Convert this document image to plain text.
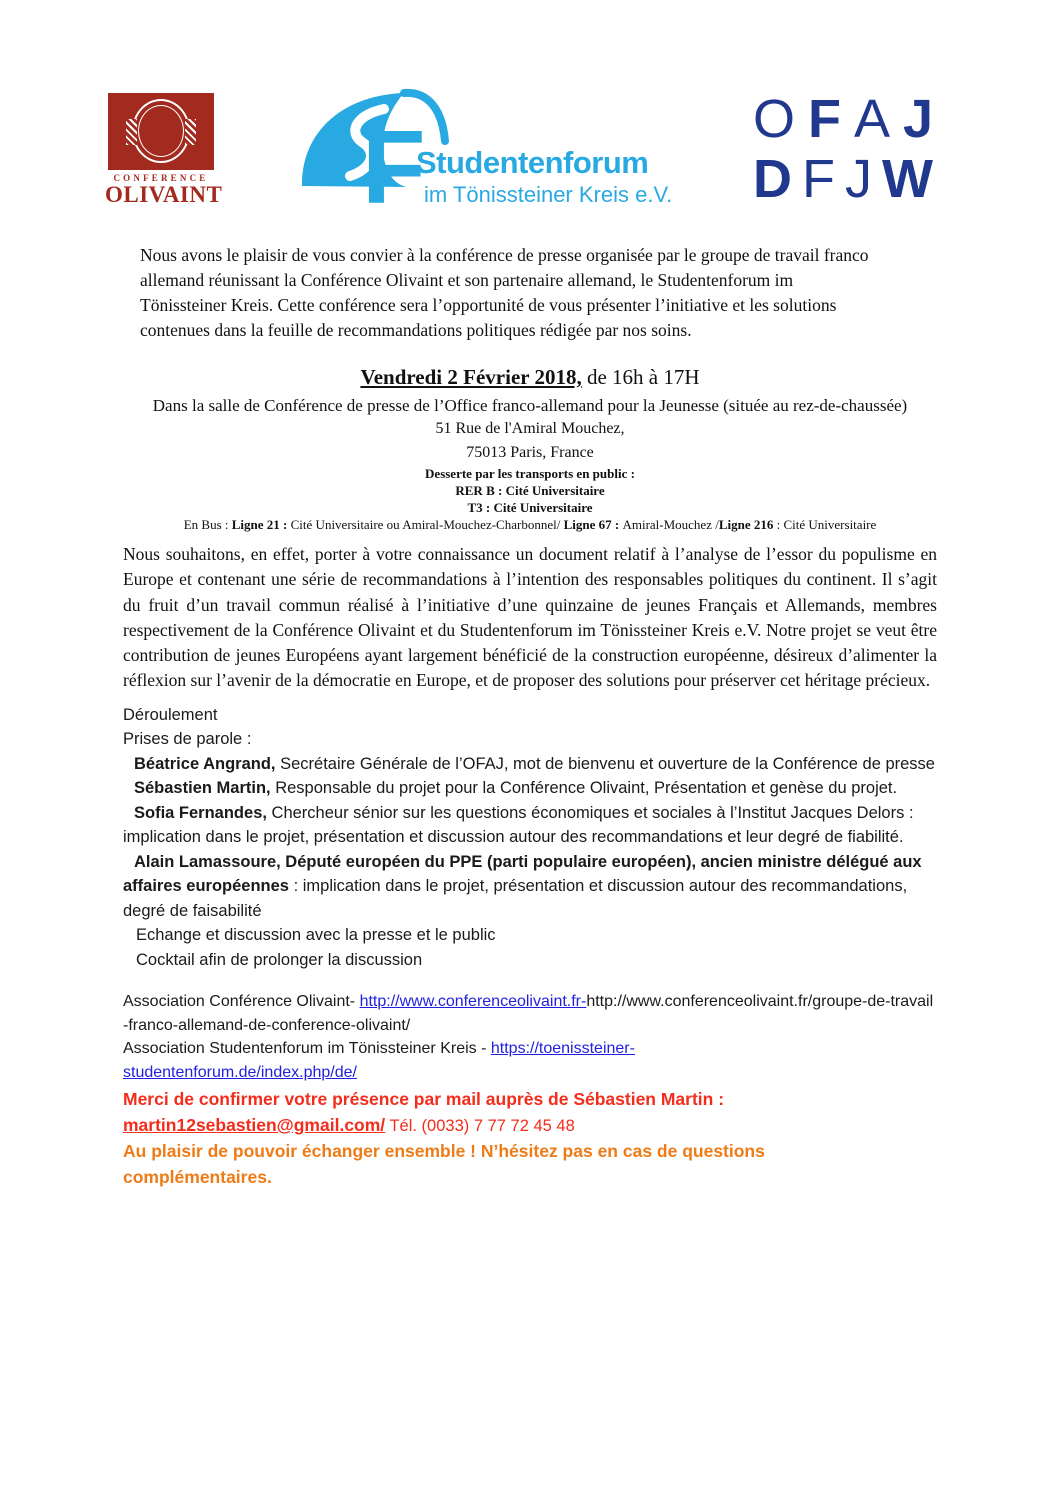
CONFERENCE
OLIVAINT F
Studentenforum
im Tönissteiner Kreis e.V.
O F A J
D F J W

Nous avons le plaisir de vous convier à la conférence de presse organisée par le groupe de travail franco allemand réunissant la Conférence Olivaint et son partenaire allemand, le Studentenforum im Tönissteiner Kreis. Cette conférence sera l’opportunité de vous présenter l’initiative et les solutions contenues dans la feuille de recommandations politiques rédigée par nos soins.

Vendredi 2 Février 2018, de 16h à 17H

Dans la salle de Conférence de presse de l’Office franco-allemand pour la Jeunesse (située au rez-de-chaussée)

51 Rue de l'Amiral Mouchez,

75013 Paris, France

Desserte par les transports en public :

RER B : Cité Universitaire

T3 : Cité Universitaire

En Bus : Ligne 21 : Cité Universitaire ou Amiral-Mouchez-Charbonnel/ Ligne 67 : Amiral-Mouchez /Ligne 216 : Cité Universitaire

Nous souhaitons, en effet, porter à votre connaissance un document relatif à l’analyse de l’essor du populisme en Europe et contenant une série de recommandations à l’intention des responsables politiques du continent. Il s’agit du fruit d’un travail commun réalisé à l’initiative d’une quinzaine de jeunes Français et Allemands, membres respectivement de la Conférence Olivaint et du Studentenforum im Tönissteiner Kreis e.V. Notre projet se veut être contribution de jeunes Européens ayant largement bénéficié de la construction européenne, désireux d’alimenter la réflexion sur l’avenir de la démocratie en Europe, et de proposer des solutions pour préserver cet héritage précieux.

Déroulement

Prises de parole :

Béatrice Angrand, Secrétaire Générale de l’OFAJ, mot de bienvenu et ouverture de la Conférence de presse

Sébastien Martin, Responsable du projet pour la Conférence Olivaint, Présentation et genèse du projet.

Sofia Fernandes, Chercheur sénior sur les questions économiques et sociales à l’Institut Jacques Delors : implication dans le projet, présentation et discussion autour des recommandations et leur degré de fiabilité.

Alain Lamassoure, Député européen du PPE (parti populaire européen), ancien ministre délégué aux affaires européennes : implication dans le projet, présentation et discussion autour des recommandations, degré de faisabilité

Echange et discussion avec la presse et le public

Cocktail afin de prolonger la discussion

Association Conférence Olivaint- http://www.conferenceolivaint.fr-http://www.conferenceolivaint.fr/groupe-de-travail-franco-allemand-de-conference-olivaint/

Association Studentenforum im Tönissteiner Kreis - https://toenissteiner-studentenforum.de/index.php/de/

Merci de confirmer votre présence par mail auprès de Sébastien Martin :

martin12sebastien@gmail.com/ Tél. (0033) 7 77 72 45 48

Au plaisir de pouvoir échanger ensemble ! N’hésitez pas en cas de questions complémentaires.
